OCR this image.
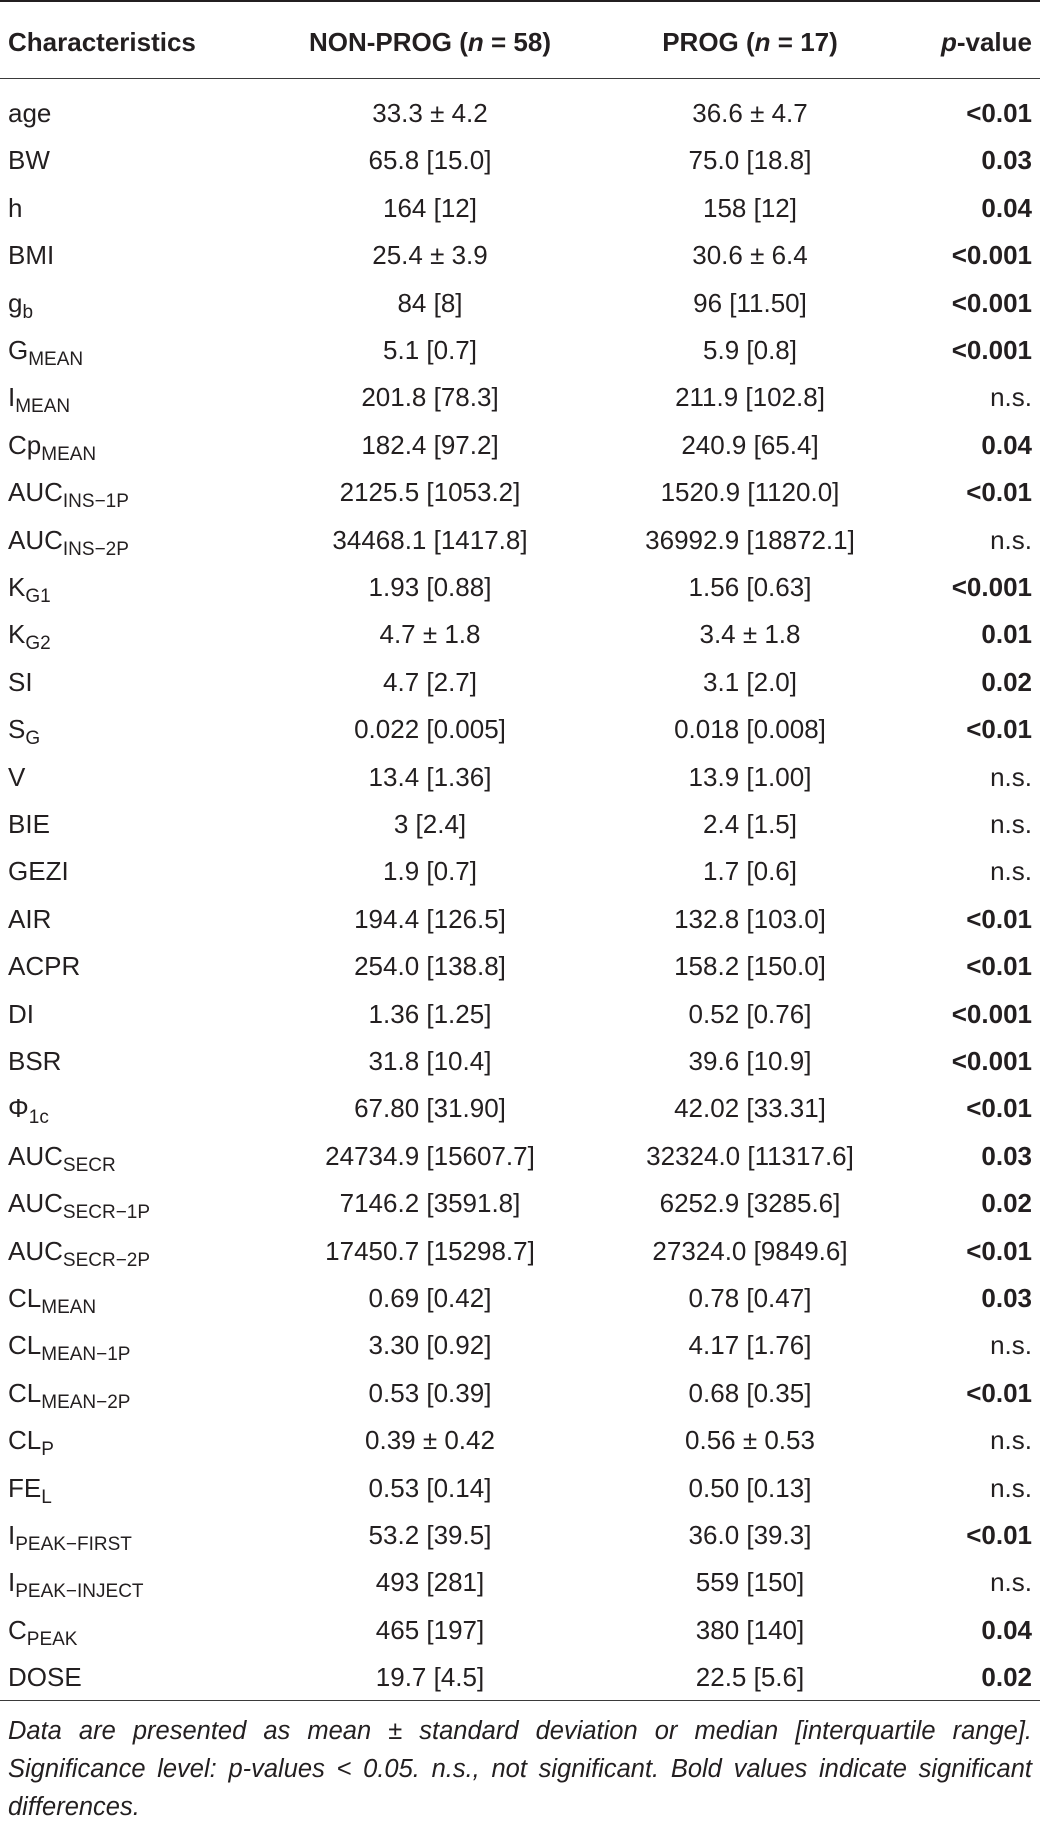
Characteristics	NON-PROG (n = 58)	PROG (n = 17)	p-value
age	33.3 ± 4.2	36.6 ± 4.7	<0.01
BW	65.8 [15.0]	75.0 [18.8]	0.03
h	164 [12]	158 [12]	0.04
BMI	25.4 ± 3.9	30.6 ± 6.4	<0.001
$g_b$	84 [8]	96 [11.50]	<0.001
$G_{MEAN}$	5.1 [0.7]	5.9 [0.8]	<0.001
$I_{MEAN}$	201.8 [78.3]	211.9 [102.8]	n.s.
$Cp_{MEAN}$	182.4 [97.2]	240.9 [65.4]	0.04
$AUC_{INS-1P}$	2125.5 [1053.2]	1520.9 [1120.0]	<0.01
$AUC_{INS-2P}$	34468.1 [1417.8]	36992.9 [18872.1]	n.s.
$K_{G1}$	1.93 [0.88]	1.56 [0.63]	<0.001
$K_{G2}$	4.7 ± 1.8	3.4 ± 1.8	0.01
SI	4.7 [2.7]	3.1 [2.0]	0.02
$S_G$	0.022 [0.005]	0.018 [0.008]	<0.01
V	13.4 [1.36]	13.9 [1.00]	n.s.
BIE	3 [2.4]	2.4 [1.5]	n.s.
GEZI	1.9 [0.7]	1.7 [0.6]	n.s.
AIR	194.4 [126.5]	132.8 [103.0]	<0.01
ACPR	254.0 [138.8]	158.2 [150.0]	<0.01
DI	1.36 [1.25]	0.52 [0.76]	<0.001
BSR	31.8 [10.4]	39.6 [10.9]	<0.001
$\Phi_{1c}$	67.80 [31.90]	42.02 [33.31]	<0.01
$AUC_{SECR}$	24734.9 [15607.7]	32324.0 [11317.6]	0.03
$AUC_{SECR-1P}$	7146.2 [3591.8]	6252.9 [3285.6]	0.02
$AUC_{SECR-2P}$	17450.7 [15298.7]	27324.0 [9849.6]	<0.01
$CL_{MEAN}$	0.69 [0.42]	0.78 [0.47]	0.03
$CL_{MEAN-1P}$	3.30 [0.92]	4.17 [1.76]	n.s.
$CL_{MEAN-2P}$	0.53 [0.39]	0.68 [0.35]	<0.01
$CL_P$	0.39 ± 0.42	0.56 ± 0.53	n.s.
$FE_L$	0.53 [0.14]	0.50 [0.13]	n.s.
$I_{PEAK-FIRST}$	53.2 [39.5]	36.0 [39.3]	<0.01
$I_{PEAK-INJECT}$	493 [281]	559 [150]	n.s.
$C_{PEAK}$	465 [197]	380 [140]	0.04
DOSE	19.7 [4.5]	22.5 [5.6]	0.02
Data are presented as mean ± standard deviation or median [interquartile range]. Significance level: p-values < 0.05. n.s., not significant. Bold values indicate significant differences.
